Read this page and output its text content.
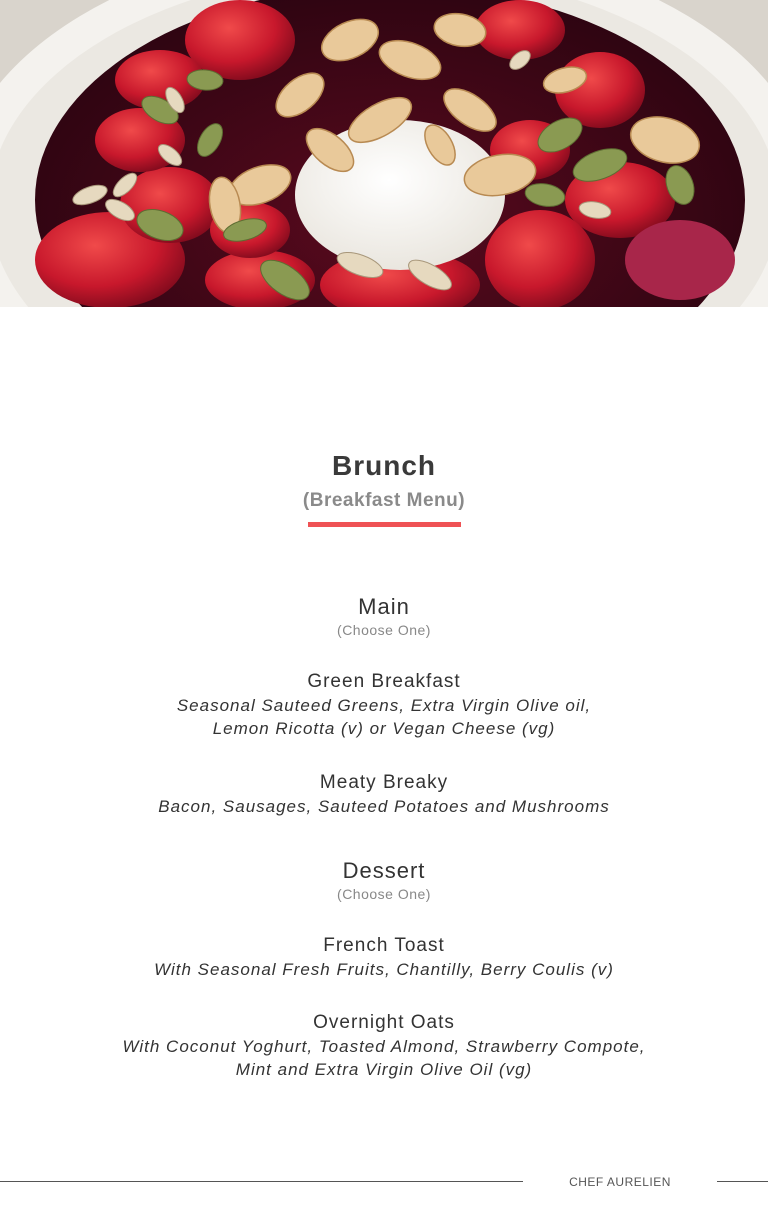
Brunch
(Breakfast Menu)
Main
(Choose One)
Green Breakfast
Seasonal Sauteed Greens, Extra Virgin Olive oil,
Lemon Ricotta (v) or Vegan Cheese (vg)
Meaty Breaky
Bacon, Sausages, Sauteed Potatoes and Mushrooms
Dessert
(Choose One)
French Toast
With Seasonal Fresh Fruits, Chantilly, Berry Coulis (v)
Overnight Oats
With Coconut Yoghurt, Toasted Almond, Strawberry Compote,
Mint and Extra Virgin Olive Oil (vg)
CHEF AURELIEN
